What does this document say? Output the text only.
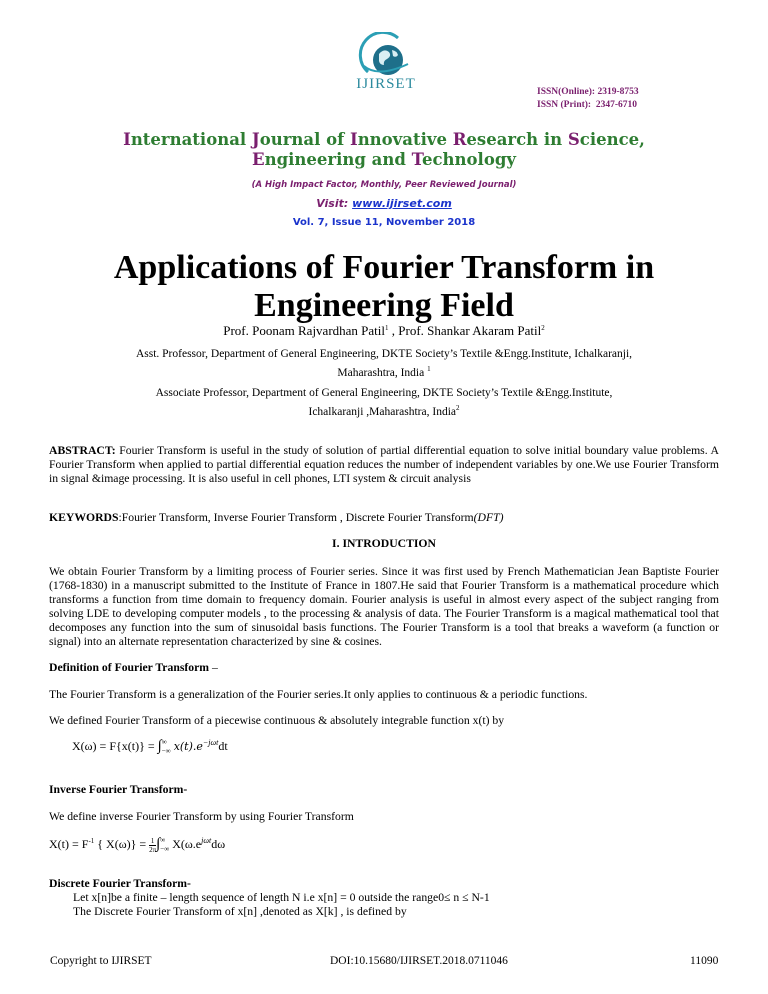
IJIRSET	ISSN(Online): 2319-8753
ISSN (Print):  2347-6710
International Journal of Innovative Research in Science,
Engineering and Technology
(A High Impact Factor, Monthly, Peer Reviewed Journal)
Visit: www.ijirset.com
Vol. 7, Issue 11, November 2018
Applications of Fourier Transform in
Engineering Field
Prof. Poonam Rajvardhan Patil$^1$ , Prof. Shankar Akaram Patil$^2$
Asst. Professor, Department of General Engineering, DKTE Society’s Textile &Engg.Institute, Ichalkaranji,
Maharashtra, India $^1$
Associate Professor, Department of General Engineering, DKTE Society’s Textile &Engg.Institute,
Ichalkaranji ,Maharashtra, India$^2$
ABSTRACT: Fourier Transform is useful in the study of solution of partial differential equation to solve initial boundary value problems. A Fourier Transform when applied to partial differential equation reduces the number of independent variables by one.We use Fourier Transform in signal &image processing. It is also useful in cell phones, LTI system & circuit analysis
KEYWORDS:Fourier Transform, Inverse Fourier Transform , Discrete Fourier Transform(DFT)
I. INTRODUCTION
We obtain Fourier Transform by a limiting process of Fourier series. Since it was first used by French Mathematician Jean Baptiste Fourier (1768-1830) in a manuscript submitted to the Institute of France in 1807.He said that Fourier Transform is a mathematical procedure which transforms a function from time domain to frequency domain. Fourier analysis is useful in almost every aspect of the subject ranging from solving LDE to developing computer models , to the processing & analysis of data. The Fourier Transform is a magical mathematical tool that decomposes any function into the sum of sinusoidal basis functions. The Fourier Transform is a tool that breaks a waveform (a function or signal) into an alternate representation characterized by sine & cosines.
Definition of Fourier Transform –
The Fourier Transform is a generalization of the Fourier series.It only applies to continuous & a periodic functions.
We defined Fourier Transform of a piecewise continuous & absolutely integrable function x(t) by
X(ω) = F{x(t)} = ∫ ∞
−∞ $x(t).e^{-j\omega t}dt$
Inverse Fourier Transform-
We define inverse Fourier Transform by using Fourier Transform
$X(t) = F^{-1}$ { $X(\omega)\} = \frac{1}{2\pi}$ ∫ ∞
−∞ $X(\omega.e^{j\omega t}d\omega$
Discrete Fourier Transform-
Let x[n]be a finite – length sequence of length N i.e x[n] = 0 outside the range0≤ n ≤ N-1
The Discrete Fourier Transform of x[n] ,denoted as X[k] , is defined by
Copyright to IJIRSET	DOI:10.15680/IJIRSET.2018.0711046	11090
